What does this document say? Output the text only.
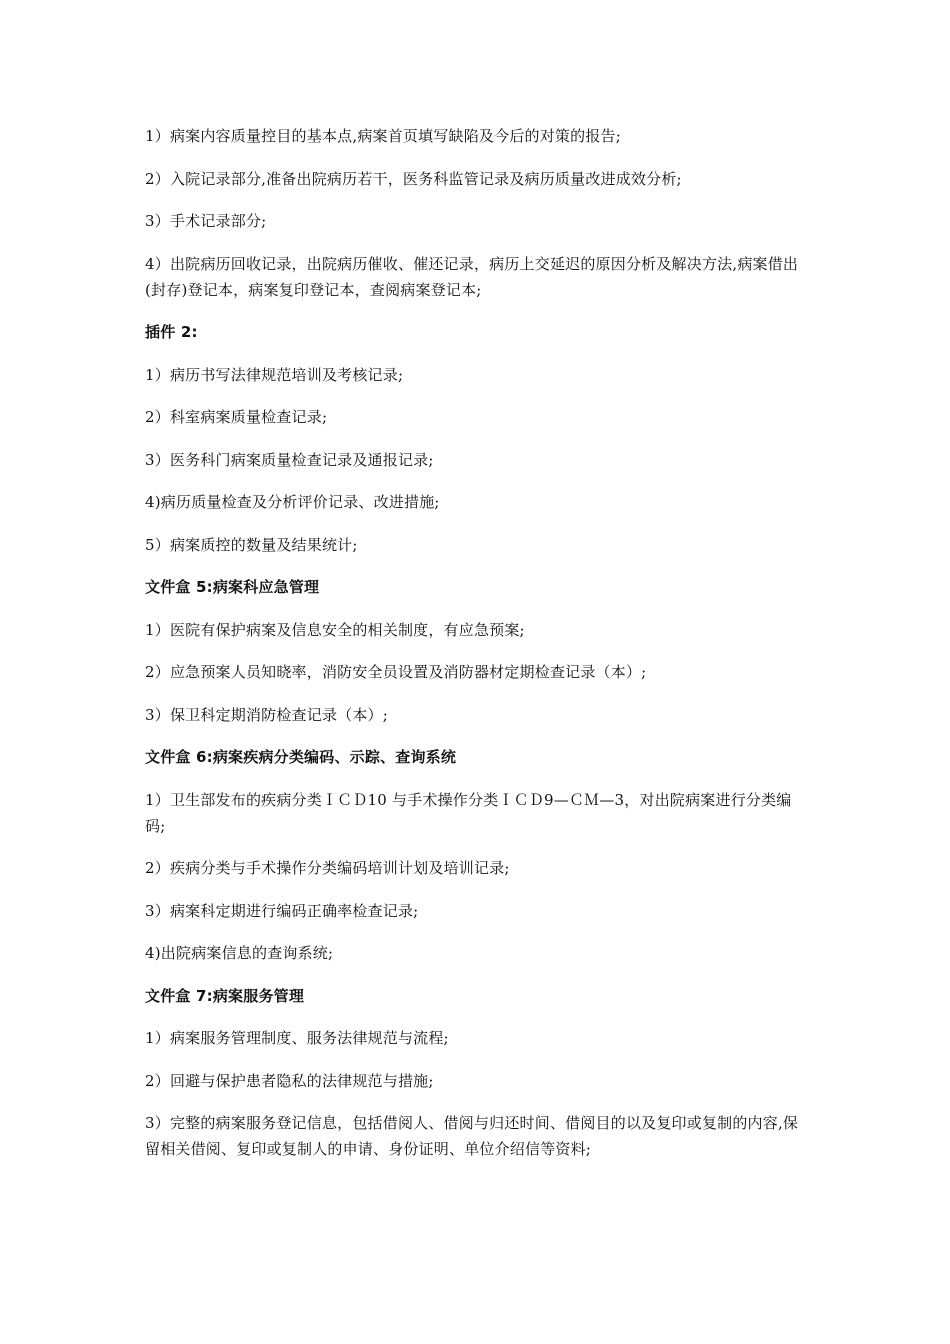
1）病案内容质量控目的基本点,病案首页填写缺陷及今后的对策的报告;

2）入院记录部分,准备出院病历若干，医务科监管记录及病历质量改进成效分析;

3）手术记录部分;

4）出院病历回收记录，出院病历催收、催还记录，病历上交延迟的原因分析及解决方法,病案借出(封存)登记本，病案复印登记本，查阅病案登记本;

插件 2:

1）病历书写法律规范培训及考核记录;

2）科室病案质量检查记录;

3）医务科门病案质量检查记录及通报记录;

4)病历质量检查及分析评价记录、改进措施;

5）病案质控的数量及结果统计;

文件盒 5:病案科应急管理

1）医院有保护病案及信息安全的相关制度，有应急预案;

2）应急预案人员知晓率，消防安全员设置及消防器材定期检查记录（本）;

3）保卫科定期消防检查记录（本）;

文件盒 6:病案疾病分类编码、示踪、查询系统

1）卫生部发布的疾病分类ＩＣＤ10 与手术操作分类ＩＣＤ9—ＣＭ—3，对出院病案进行分类编码;

2）疾病分类与手术操作分类编码培训计划及培训记录;

3）病案科定期进行编码正确率检查记录;

4)出院病案信息的查询系统;

文件盒 7:病案服务管理

1）病案服务管理制度、服务法律规范与流程;

2）回避与保护患者隐私的法律规范与措施;

3）完整的病案服务登记信息，包括借阅人、借阅与归还时间、借阅目的以及复印或复制的内容,保留相关借阅、复印或复制人的申请、身份证明、单位介绍信等资料;
